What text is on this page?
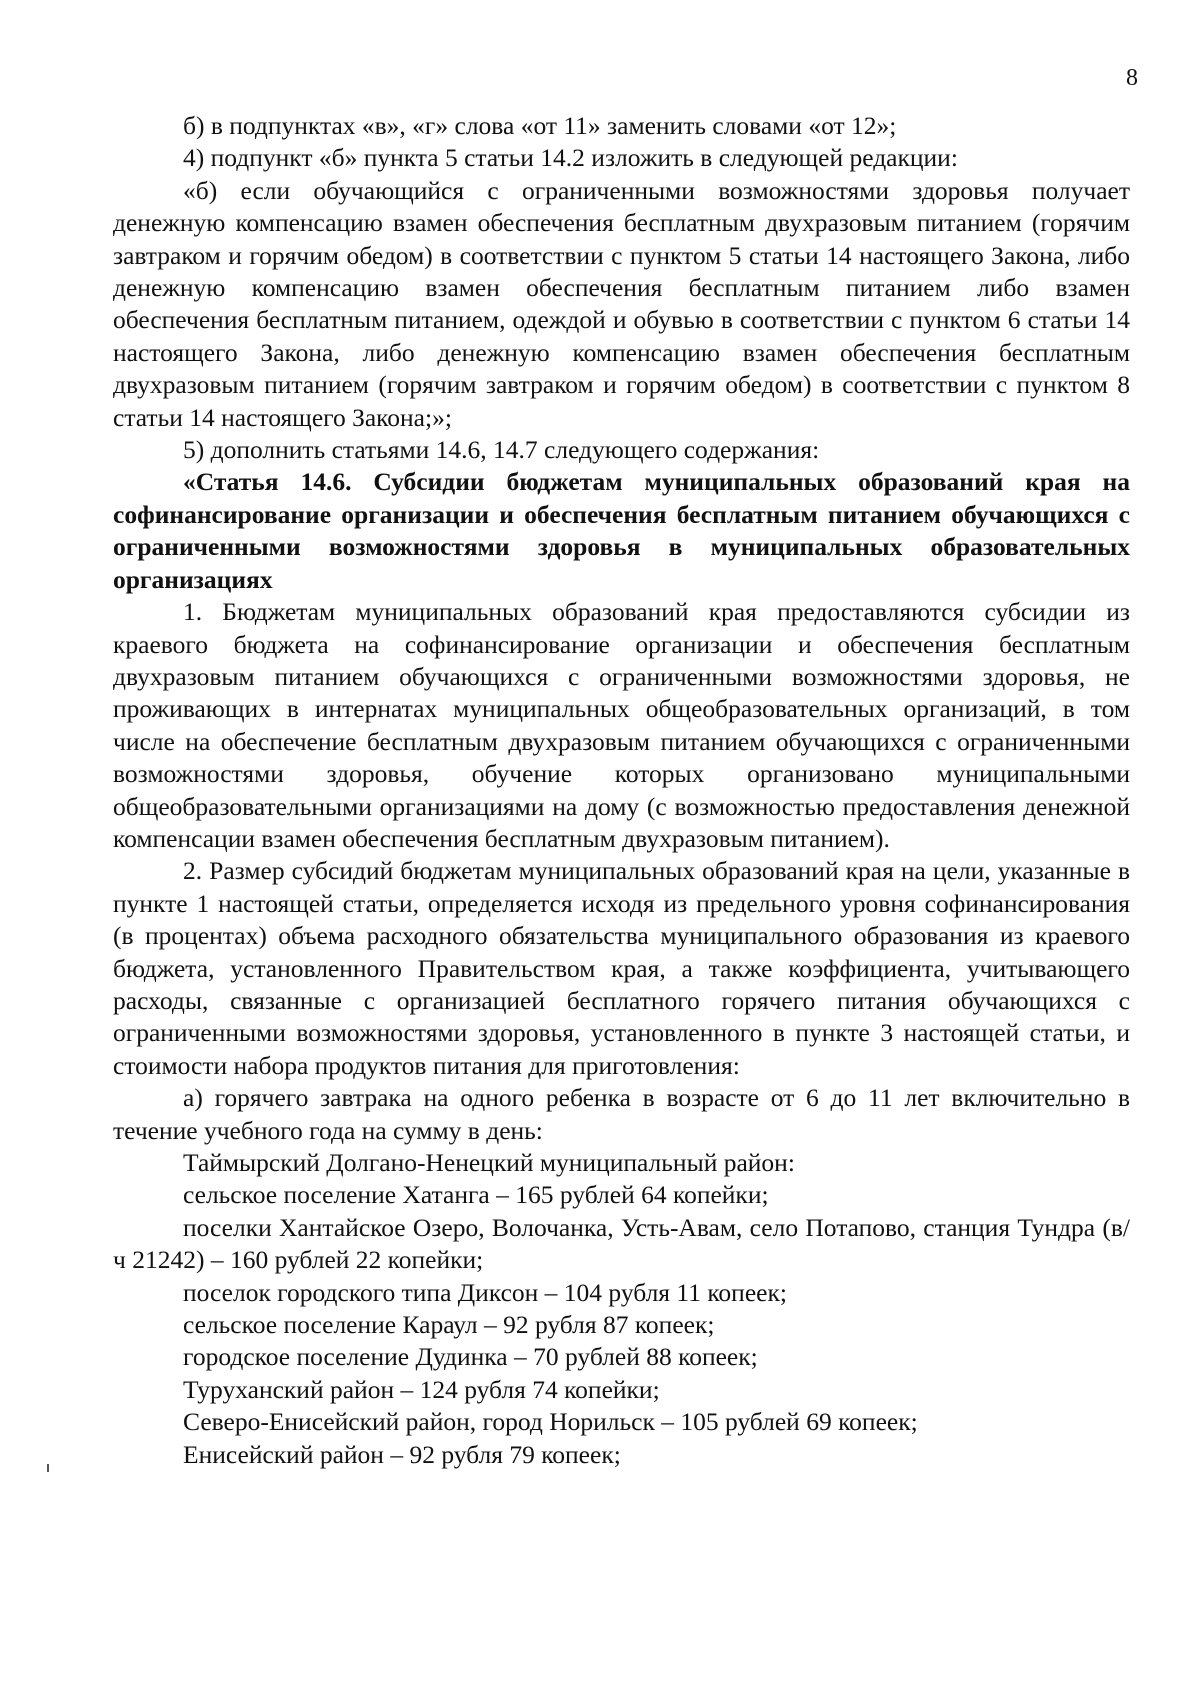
8

б) в подпунктах «в», «г» слова «от 11» заменить словами «от 12»;

4) подпункт «б» пункта 5 статьи 14.2 изложить в следующей редакции:

«б) если обучающийся с ограниченными возможностями здоровья получает денежную компенсацию взамен обеспечения бесплатным двухразовым питанием (горячим завтраком и горячим обедом) в соответствии с пунктом 5 статьи 14 настоящего Закона, либо денежную компенсацию взамен обеспечения бесплатным питанием либо взамен обеспечения бесплатным питанием, одеждой и обувью в соответствии с пунктом 6 статьи 14 настоящего Закона, либо денежную компенсацию взамен обеспечения бесплатным двухразовым питанием (горячим завтраком и горячим обедом) в соответствии с пунктом 8 статьи 14 настоящего Закона;»;

5) дополнить статьями 14.6, 14.7 следующего содержания:

«Статья 14.6. Субсидии бюджетам муниципальных образований края на софинансирование организации и обеспечения бесплатным питанием обучающихся с ограниченными возможностями здоровья в муниципальных образовательных организациях

1. Бюджетам муниципальных образований края предоставляются субсидии из краевого бюджета на софинансирование организации и обеспечения бесплатным двухразовым питанием обучающихся с ограниченными возможностями здоровья, не проживающих в интернатах муниципальных общеобразовательных организаций, в том числе на обеспечение бесплатным двухразовым питанием обучающихся с ограниченными возможностями здоровья, обучение которых организовано муниципальными общеобразовательными организациями на дому (с возможностью предоставления денежной компенсации взамен обеспечения бесплатным двухразовым питанием).

2. Размер субсидий бюджетам муниципальных образований края на цели, указанные в пункте 1 настоящей статьи, определяется исходя из предельного уровня софинансирования (в процентах) объема расходного обязательства муниципального образования из краевого бюджета, установленного Правительством края, а также коэффициента, учитывающего расходы, связанные с организацией бесплатного горячего питания обучающихся с ограниченными возможностями здоровья, установленного в пункте 3 настоящей статьи, и стоимости набора продуктов питания для приготовления:

а) горячего завтрака на одного ребенка в возрасте от 6 до 11 лет включительно в течение учебного года на сумму в день:

Таймырский Долгано-Ненецкий муниципальный район:

сельское поселение Хатанга – 165 рублей 64 копейки;

поселки Хантайское Озеро, Волочанка, Усть-Авам, село Потапово, станция Тундра (в/ч 21242) – 160 рублей 22 копейки;

поселок городского типа Диксон – 104 рубля 11 копеек;

сельское поселение Караул – 92 рубля 87 копеек;

городское поселение Дудинка – 70 рублей 88 копеек;

Туруханский район – 124 рубля 74 копейки;

Северо-Енисейский район, город Норильск – 105 рублей 69 копеек;

Енисейский район – 92 рубля 79 копеек;
